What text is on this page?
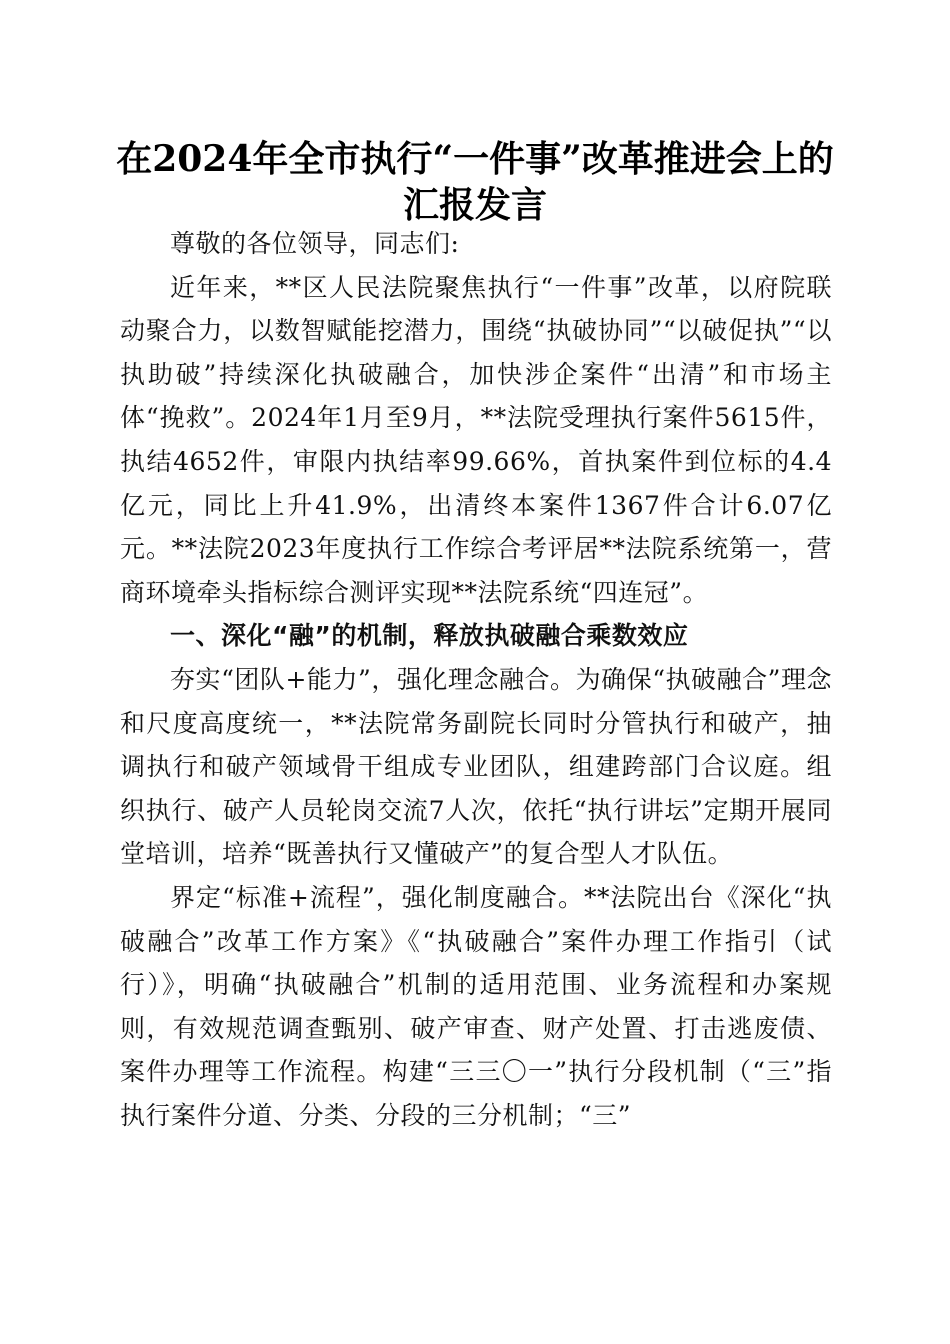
在2024年全市执行“一件事”改革推进会上的汇报发言

尊敬的各位领导，同志们:

近年来，**区人民法院聚焦执行“一件事”改革，以府院联动聚合力，以数智赋能挖潜力，围绕“执破协同”“以破促执”“以执助破”持续深化执破融合，加快涉企案件“出清”和市场主体“挽救”。2024年1月至9月，**法院受理执行案件5615件，执结4652件，审限内执结率99.66%，首执案件到位标的4.4亿元，同比上升41.9%，出清终本案件1367件合计6.07亿元。**法院2023年度执行工作综合考评居**法院系统第一，营商环境牵头指标综合测评实现**法院系统“四连冠”。

一、深化“融”的机制，释放执破融合乘数效应

夯实“团队+能力”，强化理念融合。为确保“执破融合”理念和尺度高度统一，**法院常务副院长同时分管执行和破产，抽调执行和破产领域骨干组成专业团队，组建跨部门合议庭。组织执行、破产人员轮岗交流7人次，依托“执行讲坛”定期开展同堂培训，培养“既善执行又懂破产”的复合型人才队伍。

界定“标准+流程”，强化制度融合。**法院出台《深化“执破融合”改革工作方案》《“执破融合”案件办理工作指引（试行）》，明确“执破融合”机制的适用范围、业务流程和办案规则，有效规范调查甄别、破产审查、财产处置、打击逃废债、案件办理等工作流程。构建“三三〇一”执行分段机制（“三”指执行案件分道、分类、分段的三分机制；“三”
